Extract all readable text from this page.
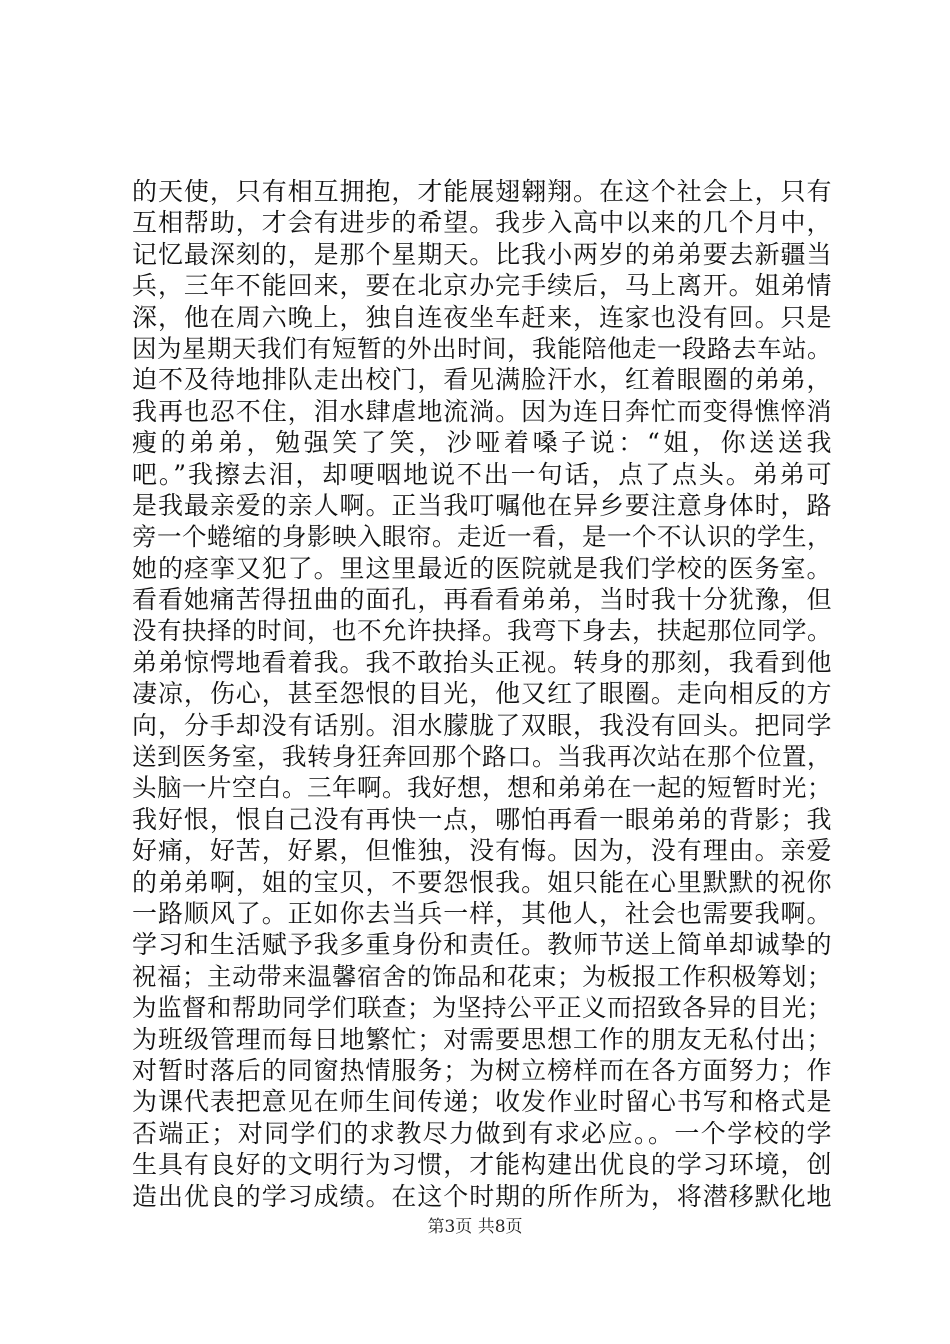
的天使，只有相互拥抱，才能展翅翱翔。在这个社会上，只有
互相帮助，才会有进步的希望。我步入高中以来的几个月中，
记忆最深刻的，是那个星期天。比我小两岁的弟弟要去新疆当
兵，三年不能回来，要在北京办完手续后，马上离开。姐弟情
深，他在周六晚上，独自连夜坐车赶来，连家也没有回。只是
因为星期天我们有短暂的外出时间，我能陪他走一段路去车站。
迫不及待地排队走出校门，看见满脸汗水，红着眼圈的弟弟，
我再也忍不住，泪水肆虐地流淌。因为连日奔忙而变得憔悴消
瘦的弟弟，勉强笑了笑，沙哑着嗓子说：“姐，你送送我
吧。”我擦去泪，却哽咽地说不出一句话，点了点头。弟弟可
是我最亲爱的亲人啊。正当我叮嘱他在异乡要注意身体时，路
旁一个蜷缩的身影映入眼帘。走近一看，是一个不认识的学生，
她的痉挛又犯了。里这里最近的医院就是我们学校的医务室。
看看她痛苦得扭曲的面孔，再看看弟弟，当时我十分犹豫，但
没有抉择的时间，也不允许抉择。我弯下身去，扶起那位同学。
弟弟惊愕地看着我。我不敢抬头正视。转身的那刻，我看到他
凄凉，伤心，甚至怨恨的目光，他又红了眼圈。走向相反的方
向，分手却没有话别。泪水朦胧了双眼，我没有回头。把同学
送到医务室，我转身狂奔回那个路口。当我再次站在那个位置，
头脑一片空白。三年啊。我好想，想和弟弟在一起的短暂时光；
我好恨，恨自己没有再快一点，哪怕再看一眼弟弟的背影；我
好痛，好苦，好累，但惟独，没有悔。因为，没有理由。亲爱
的弟弟啊，姐的宝贝，不要怨恨我。姐只能在心里默默的祝你
一路顺风了。正如你去当兵一样，其他人，社会也需要我啊。
学习和生活赋予我多重身份和责任。教师节送上简单却诚挚的
祝福；主动带来温馨宿舍的饰品和花束；为板报工作积极筹划；
为监督和帮助同学们联查；为坚持公平正义而招致各异的目光；
为班级管理而每日地繁忙；对需要思想工作的朋友无私付出；
对暂时落后的同窗热情服务；为树立榜样而在各方面努力；作
为课代表把意见在师生间传递；收发作业时留心书写和格式是
否端正；对同学们的求教尽力做到有求必应。。一个学校的学
生具有良好的文明行为习惯，才能构建出优良的学习环境，创
造出优良的学习成绩。在这个时期的所作所为，将潜移默化地
第3页 共8页
